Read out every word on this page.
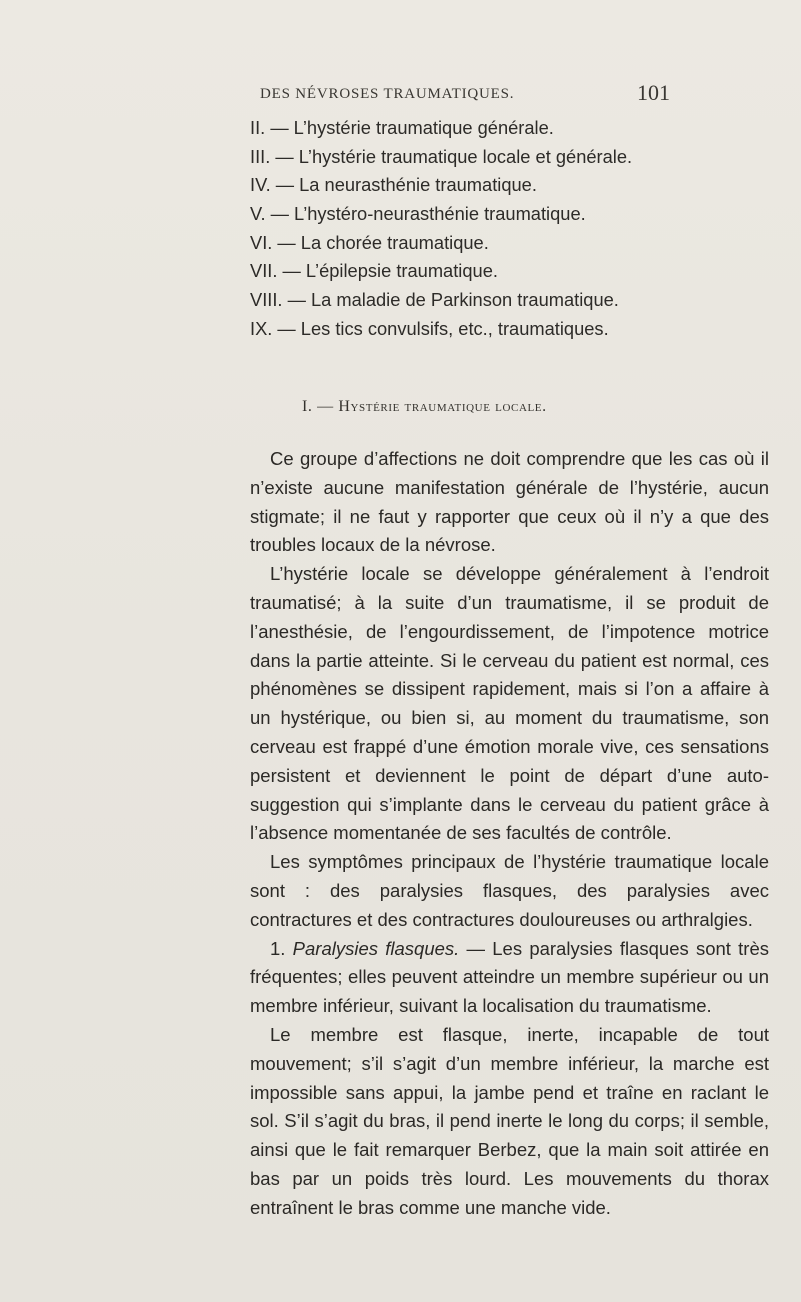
DES NÉVROSES TRAUMATIQUES.	101
II. — L’hystérie traumatique générale.
III. — L’hystérie traumatique locale et générale.
IV. — La neurasthénie traumatique.
V. — L’hystéro-neurasthénie traumatique.
VI. — La chorée traumatique.
VII. — L’épilepsie traumatique.
VIII. — La maladie de Parkinson traumatique.
IX. — Les tics convulsifs, etc., traumatiques.
I. — Hystérie traumatique locale.

Ce groupe d’affections ne doit comprendre que les cas où il n’existe aucune manifestation générale de l’hystérie, aucun stigmate; il ne faut y rapporter que ceux où il n’y a que des troubles locaux de la névrose.

L’hystérie locale se développe généralement à l’endroit traumatisé; à la suite d’un traumatisme, il se produit de l’anesthésie, de l’engourdissement, de l’impotence motrice dans la partie atteinte. Si le cerveau du patient est normal, ces phénomènes se dissipent rapidement, mais si l’on a affaire à un hystérique, ou bien si, au moment du traumatisme, son cerveau est frappé d’une émotion morale vive, ces sensations persistent et deviennent le point de départ d’une auto-suggestion qui s’implante dans le cerveau du patient grâce à l’absence momentanée de ses facultés de contrôle.

Les symptômes principaux de l’hystérie traumatique locale sont : des paralysies flasques, des paralysies avec contractures et des contractures douloureuses ou arthralgies.

1. Paralysies flasques. — Les paralysies flasques sont très fréquentes; elles peuvent atteindre un membre supérieur ou un membre inférieur, suivant la localisation du traumatisme.

Le membre est flasque, inerte, incapable de tout mouvement; s’il s’agit d’un membre inférieur, la marche est impossible sans appui, la jambe pend et traîne en raclant le sol. S’il s’agit du bras, il pend inerte le long du corps; il semble, ainsi que le fait remarquer Berbez, que la main soit attirée en bas par un poids très lourd. Les mouvements du thorax entraînent le bras comme une manche vide.
